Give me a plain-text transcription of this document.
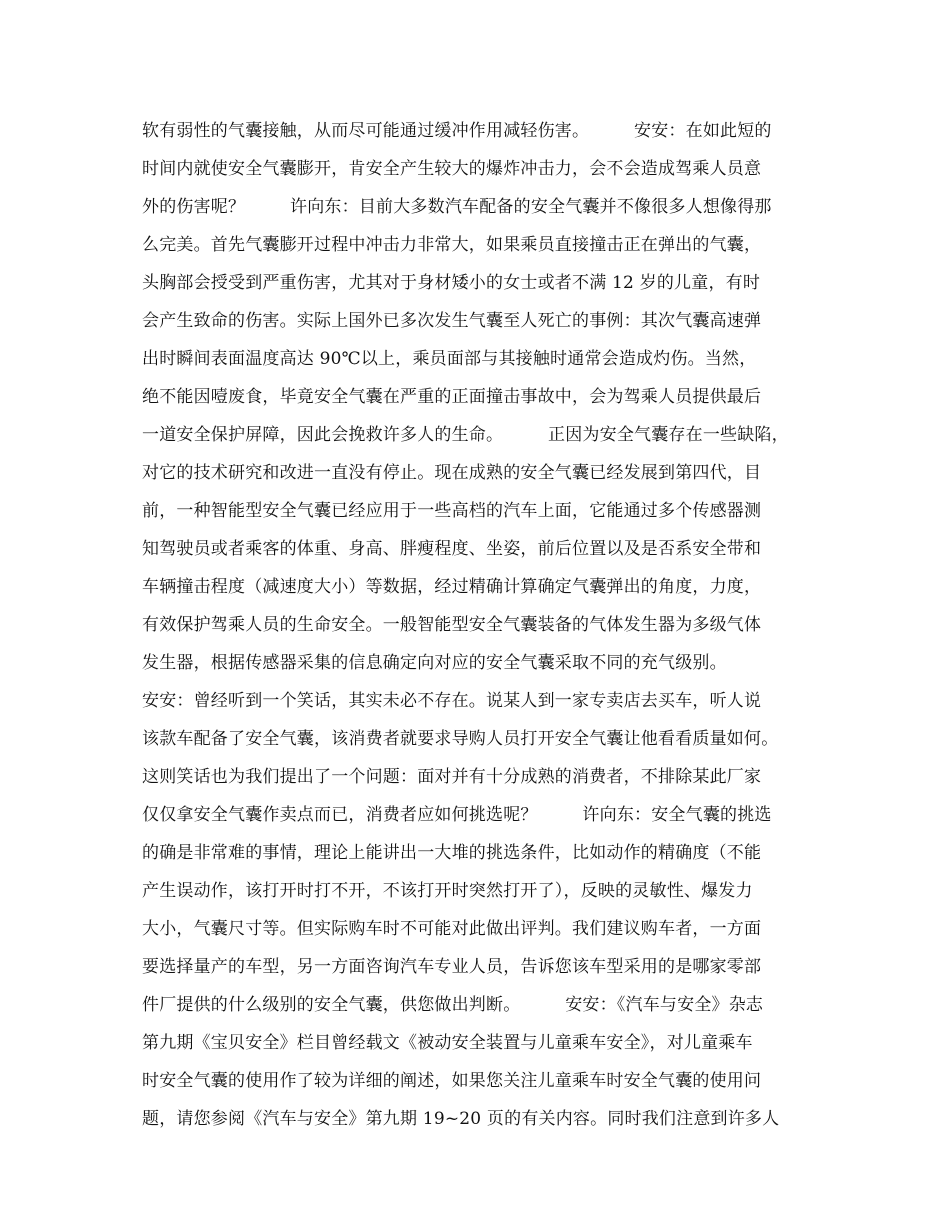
软有弱性的气囊接触，从而尽可能通过缓冲作用减轻伤害。        安安：在如此短的
时间内就使安全气囊膨开，肯安全产生较大的爆炸冲击力，会不会造成驾乘人员意
外的伤害呢？        许向东：目前大多数汽车配备的安全气囊并不像很多人想像得那
么完美。首先气囊膨开过程中冲击力非常大，如果乘员直接撞击正在弹出的气囊，
头胸部会授受到严重伤害，尤其对于身材矮小的女士或者不满 12 岁的儿童，有时
会产生致命的伤害。实际上国外已多次发生气囊至人死亡的事例：其次气囊高速弹
出时瞬间表面温度高达 90℃以上，乘员面部与其接触时通常会造成灼伤。当然，
绝不能因噎废食，毕竟安全气囊在严重的正面撞击事故中，会为驾乘人员提供最后
一道安全保护屏障，因此会挽救许多人的生命。        正因为安全气囊存在一些缺陷，
对它的技术研究和改进一直没有停止。现在成熟的安全气囊已经发展到第四代，目
前，一种智能型安全气囊已经应用于一些高档的汽车上面，它能通过多个传感器测
知驾驶员或者乘客的体重、身高、胖瘦程度、坐姿，前后位置以及是否系安全带和
车辆撞击程度（减速度大小）等数据，经过精确计算确定气囊弹出的角度，力度，
有效保护驾乘人员的生命安全。一般智能型安全气囊装备的气体发生器为多级气体
发生器，根据传感器采集的信息确定向对应的安全气囊采取不同的充气级别。
安安：曾经听到一个笑话，其实未必不存在。说某人到一家专卖店去买车，听人说
该款车配备了安全气囊，该消费者就要求导购人员打开安全气囊让他看看质量如何。
这则笑话也为我们提出了一个问题：面对并有十分成熟的消费者，不排除某此厂家
仅仅拿安全气囊作卖点而已，消费者应如何挑选呢？        许向东：安全气囊的挑选
的确是非常难的事情，理论上能讲出一大堆的挑选条件，比如动作的精确度（不能
产生误动作，该打开时打不开，不该打开时突然打开了），反映的灵敏性、爆发力
大小，气囊尺寸等。但实际购车时不可能对此做出评判。我们建议购车者，一方面
要选择量产的车型，另一方面咨询汽车专业人员，告诉您该车型采用的是哪家零部
件厂提供的什么级别的安全气囊，供您做出判断。        安安：《汽车与安全》杂志
第九期《宝贝安全》栏目曾经载文《被动安全装置与儿童乘车安全》，对儿童乘车
时安全气囊的使用作了较为详细的阐述，如果您关注儿童乘车时安全气囊的使用问
题，请您参阅《汽车与安全》第九期 19~20 页的有关内容。同时我们注意到许多人
